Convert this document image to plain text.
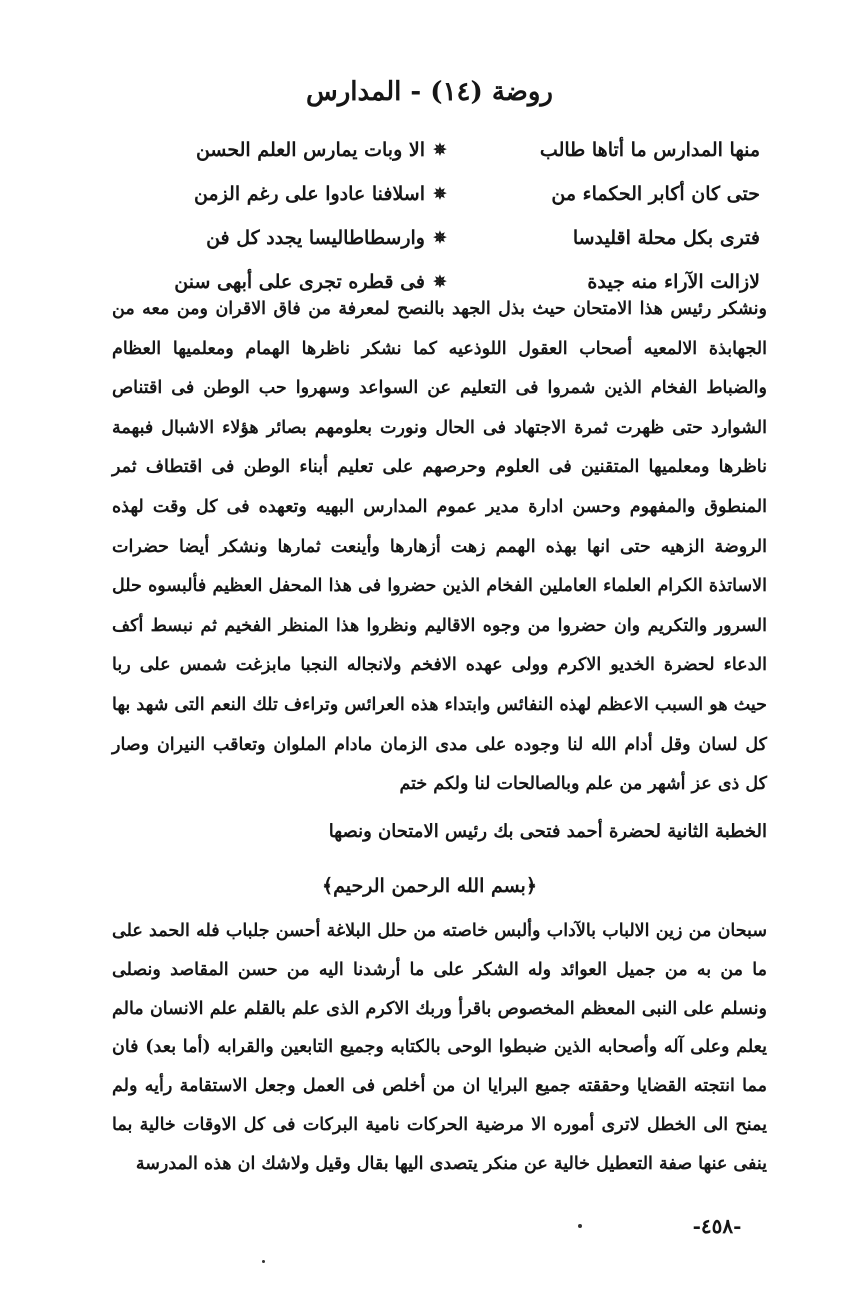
روضة (١٤) - المدارس
منها المدارس ما أتاها طالب
✵
الا وبات يمارس العلم الحسن
حتى كان أكابر الحكماء من
✵
اسلافنا عادوا على رغم الزمن
فترى بكل محلة اقليدسا
✵
وارسطاطاليسا يجدد كل فن
لازالت الآراء منه جيدة
✵
فى قطره تجرى على أبهى سنن

ونشكر رئيس هذا الامتحان حيث بذل الجهد بالنصح لمعرفة من فاق الاقران ومن معه من الجهابذة الالمعيه أصحاب العقول اللوذعيه كما نشكر ناظرها الهمام ومعلميها العظام والضباط الفخام الذين شمروا فى التعليم عن السواعد وسهروا حب الوطن فى اقتناص الشوارد حتى ظهرت ثمرة الاجتهاد فى الحال ونورت بعلومهم بصائر هؤلاء الاشبال فبهمة ناظرها ومعلميها المتقنين فى العلوم وحرصهم على تعليم أبناء الوطن فى اقتطاف ثمر المنطوق والمفهوم وحسن ادارة مدير عموم المدارس البهيه وتعهده فى كل وقت لهذه الروضة الزهيه حتى انها بهذه الهمم زهت أزهارها وأينعت ثمارها ونشكر أيضا حضرات الاساتذة الكرام العلماء العاملين الفخام الذين حضروا فى هذا المحفل العظيم فألبسوه حلل السرور والتكريم وان حضروا من وجوه الاقاليم ونظروا هذا المنظر الفخيم ثم نبسط أكف الدعاء لحضرة الخديو الاكرم وولى عهده الافخم ولانجاله النجبا مابزغت شمس على ربا حيث هو السبب الاعظم لهذه النفائس وابتداء هذه العرائس وتراءف تلك النعم التى شهد بها كل لسان وقل أدام الله لنا وجوده على مدى الزمان مادام الملوان وتعاقب النيران وصار كل ذى عز أشهر من علم وبالصالحات لنا ولكم ختم

الخطبة الثانية لحضرة أحمد فتحى بك رئيس الامتحان ونصها
﴿بسم الله الرحمن الرحيم﴾

سبحان من زين الالباب بالآداب وألبس خاصته من حلل البلاغة أحسن جلباب فله الحمد على ما من به من جميل العوائد وله الشكر على ما أرشدنا اليه من حسن المقاصد ونصلى ونسلم على النبى المعظم المخصوص باقرأ وربك الاكرم الذى علم بالقلم علم الانسان مالم يعلم وعلى آله وأصحابه الذين ضبطوا الوحى بالكتابه وجميع التابعين والقرابه (أما بعد) فان مما انتجته القضايا وحققته جميع البرايا ان من أخلص فى العمل وجعل الاستقامة رأيه ولم يمنح الى الخطل لاترى أموره الا مرضية الحركات نامية البركات فى كل الاوقات خالية بما ينفى عنها صفة التعطيل خالية عن منكر يتصدى اليها بقال وقيل ولاشك ان هذه المدرسة

-٤٥٨-
